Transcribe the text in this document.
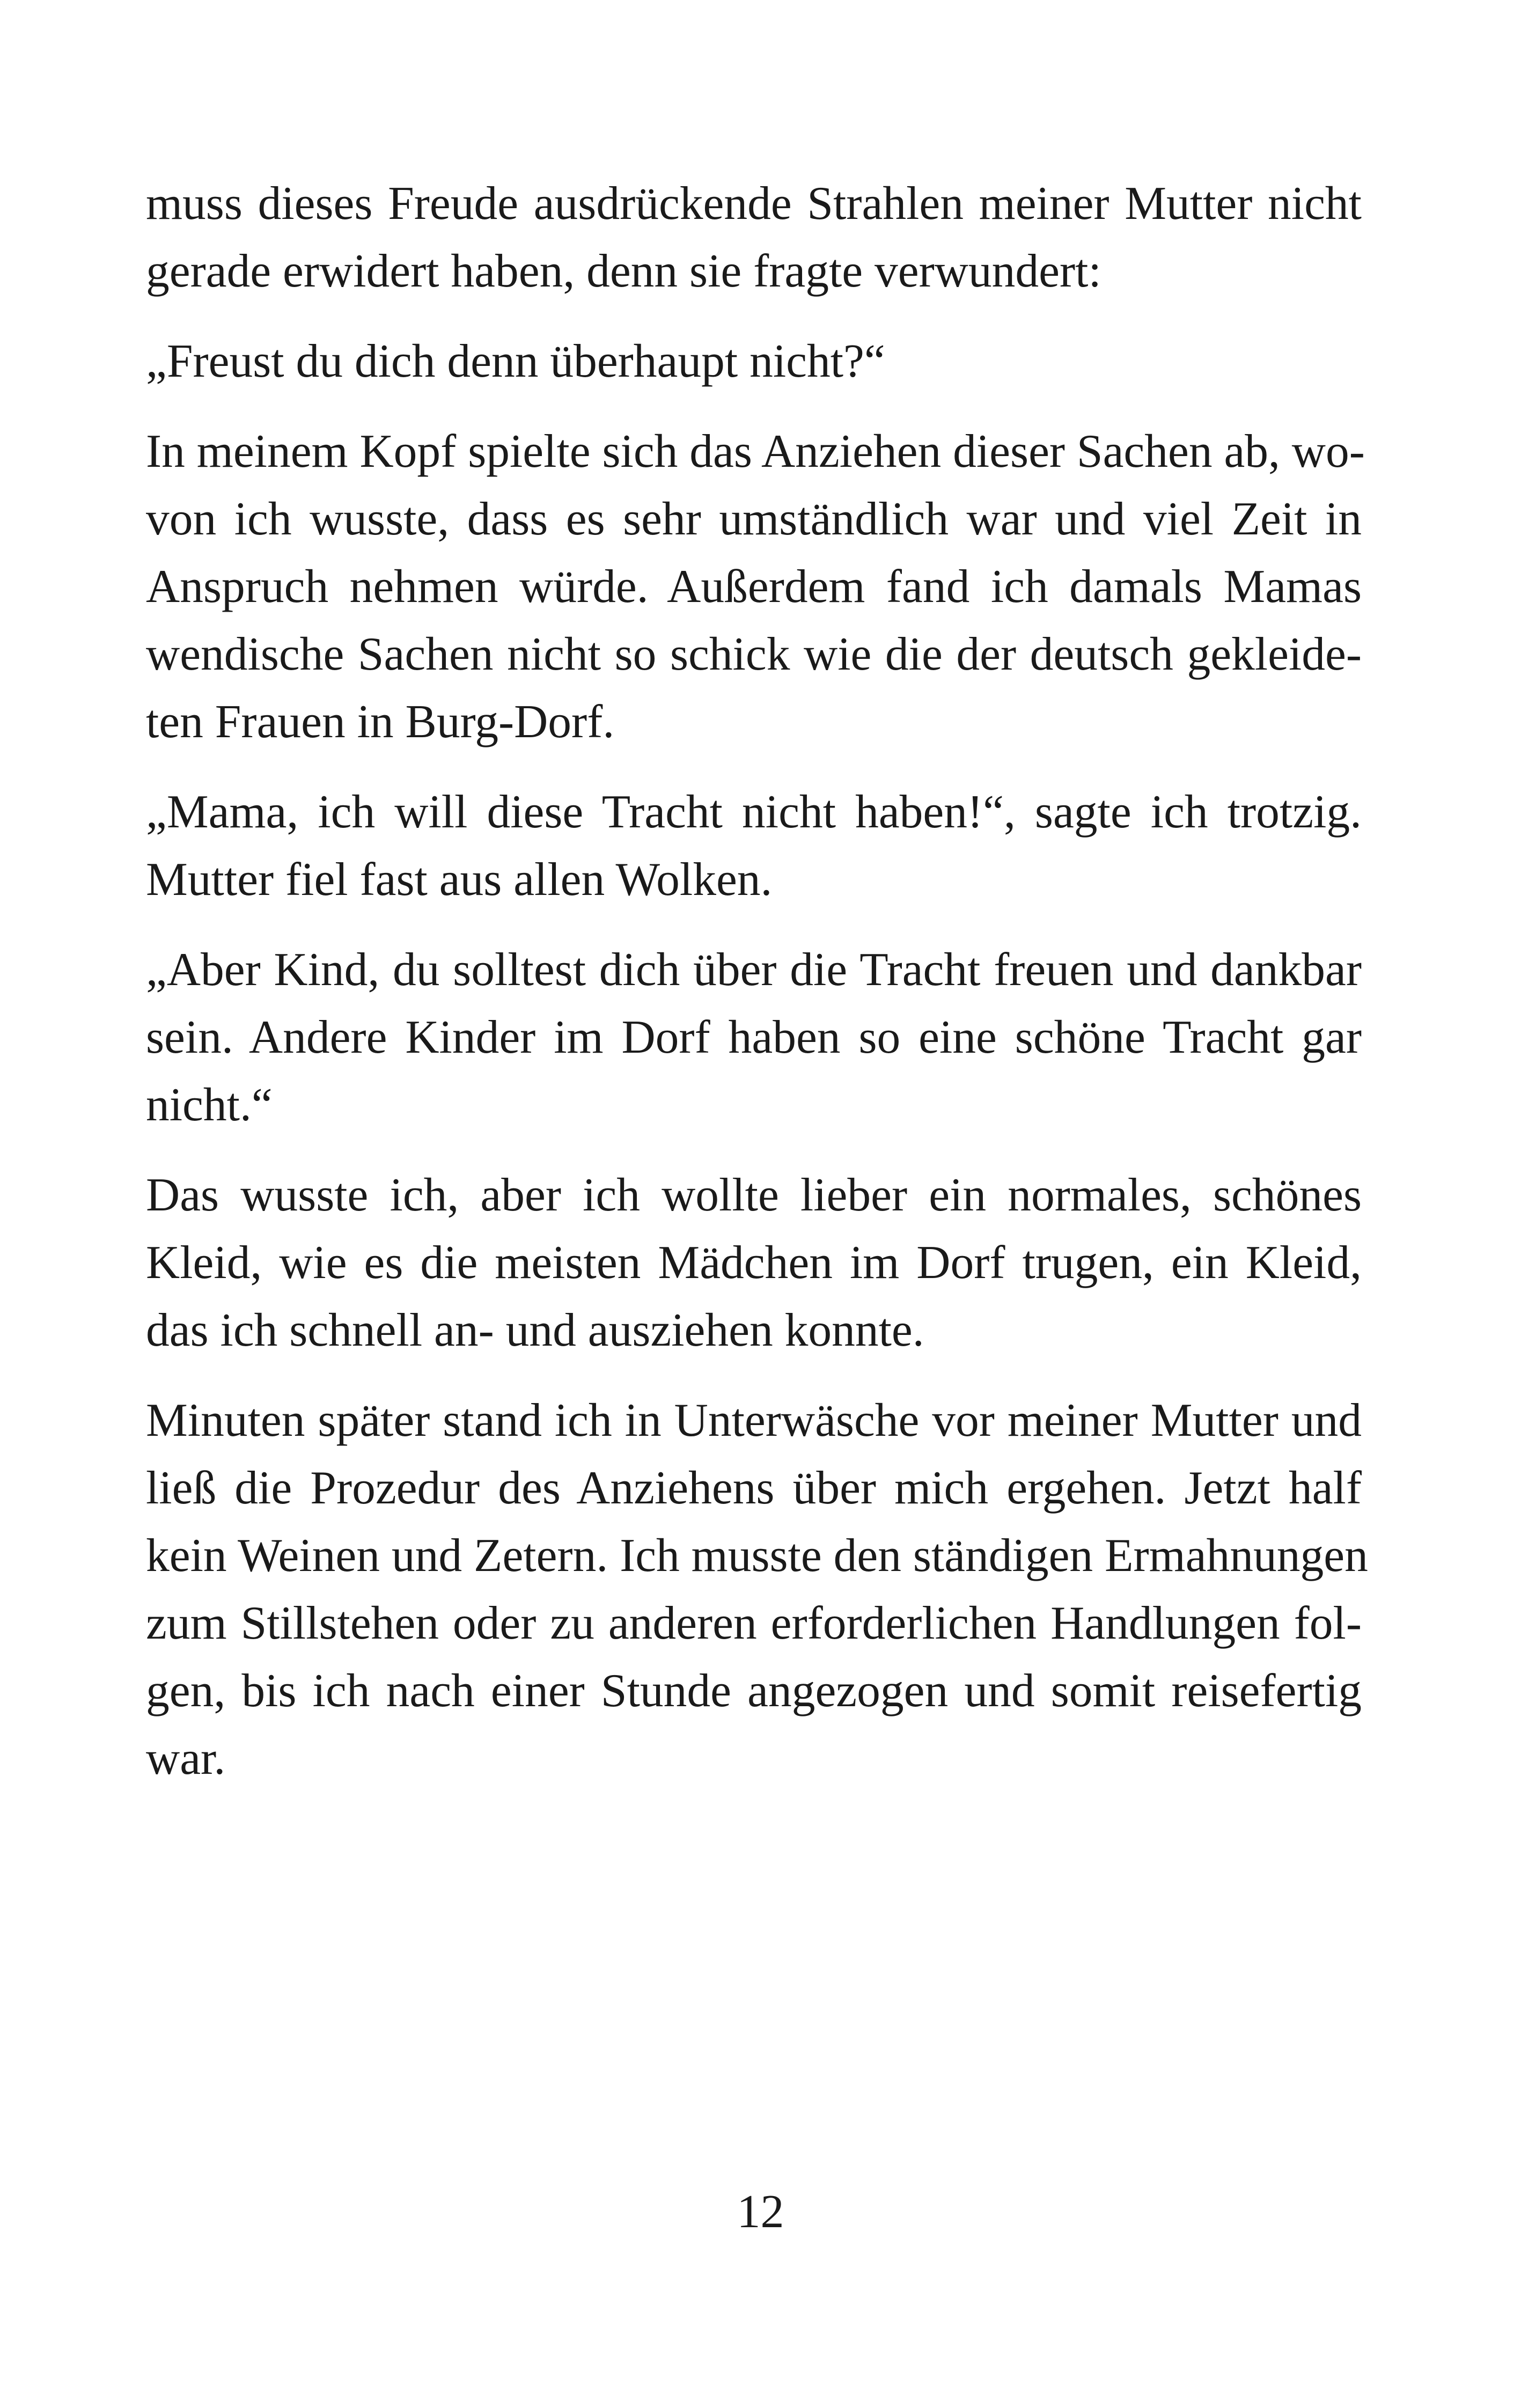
muss dieses Freude ausdrückende Strahlen meiner Mutter nicht
gerade erwidert haben, denn sie fragte verwundert:

„Freust du dich denn überhaupt nicht?“

In meinem Kopf spielte sich das Anziehen dieser Sachen ab, wo-
von ich wusste, dass es sehr umständlich war und viel Zeit in
Anspruch nehmen würde. Außerdem fand ich damals Mamas
wendische Sachen nicht so schick wie die der deutsch gekleide-
ten Frauen in Burg-Dorf.

„Mama, ich will diese Tracht nicht haben!“, sagte ich trotzig.
Mutter fiel fast aus allen Wolken.

„Aber Kind, du solltest dich über die Tracht freuen und dankbar
sein. Andere Kinder im Dorf haben so eine schöne Tracht gar
nicht.“

Das wusste ich, aber ich wollte lieber ein normales, schönes
Kleid, wie es die meisten Mädchen im Dorf trugen, ein Kleid,
das ich schnell an- und ausziehen konnte.

Minuten später stand ich in Unterwäsche vor meiner Mutter und
ließ die Prozedur des Anziehens über mich ergehen. Jetzt half
kein Weinen und Zetern. Ich musste den ständigen Ermahnungen
zum Stillstehen oder zu anderen erforderlichen Handlungen fol-
gen, bis ich nach einer Stunde angezogen und somit reisefertig
war.

12
